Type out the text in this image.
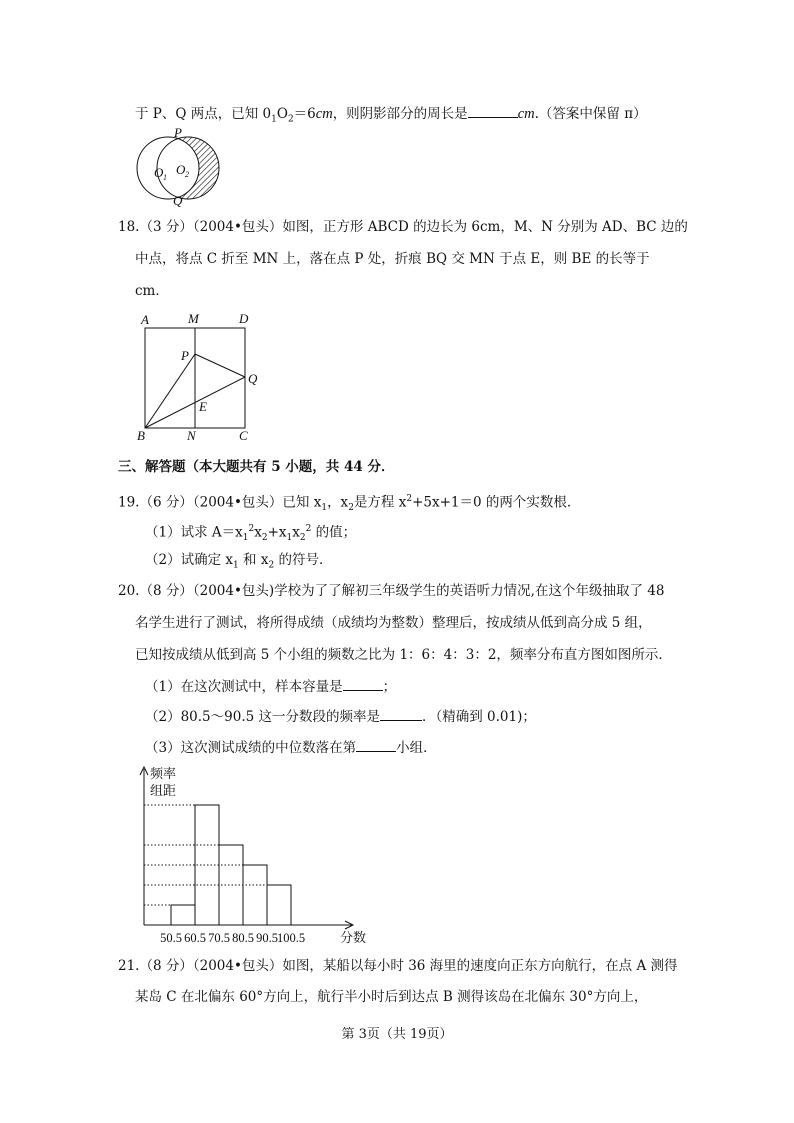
于 P、Q 两点，已知 $0_1O_2=6cm$，则阴影部分的周长是	cm.（答案中保留 π）
P
O 1
O 2
Q
18.（3 分）（2004•包头）如图，正方形 ABCD 的边长为 6cm，M、N 分别为 AD、BC 边的
中点，将点 C 折至 MN 上，落在点 P 处，折痕 BQ 交 MN 于点 E，则 BE 的长等于
cm．
A	M	D
P
Q
E
B	N	C
三、解答题（本大题共有 5 小题，共 44 分．
19.（6 分）（2004•包头）已知 $x_1$，$x_2$是方程 $x^2+5x+1=0$ 的两个实数根．
（1）试求 $A=x_1^2x_2+x_1x_2^2$ 的值；
（2）试确定 $x_1$ 和 $x_2$ 的符号．
20.（8 分）（2004•包头)学校为了了解初三年级学生的英语听力情况,在这个年级抽取了 48
名学生进行了测试，将所得成绩（成绩均为整数）整理后，按成绩从低到高分成 5 组，
已知按成绩从低到高 5 个小组的频数之比为 1：6：4：3：2，频率分布直方图如图所示．
（1）在这次测试中，样本容量是	；
（2）80.5～90.5 这一分数段的频率是	．（精确到 0.01)；
（3）这次测试成绩的中位数落在第	小组．
频率
组距
分数
50.5 60.5 70.5 80.5 90.5 100.5
21.（8 分）（2004•包头）如图，某船以每小时 36 海里的速度向正东方向航行，在点 A 测得
某岛 C 在北偏东 60°方向上，航行半小时后到达点 B 测得该岛在北偏东 30°方向上，
第 3页（共 19页）
